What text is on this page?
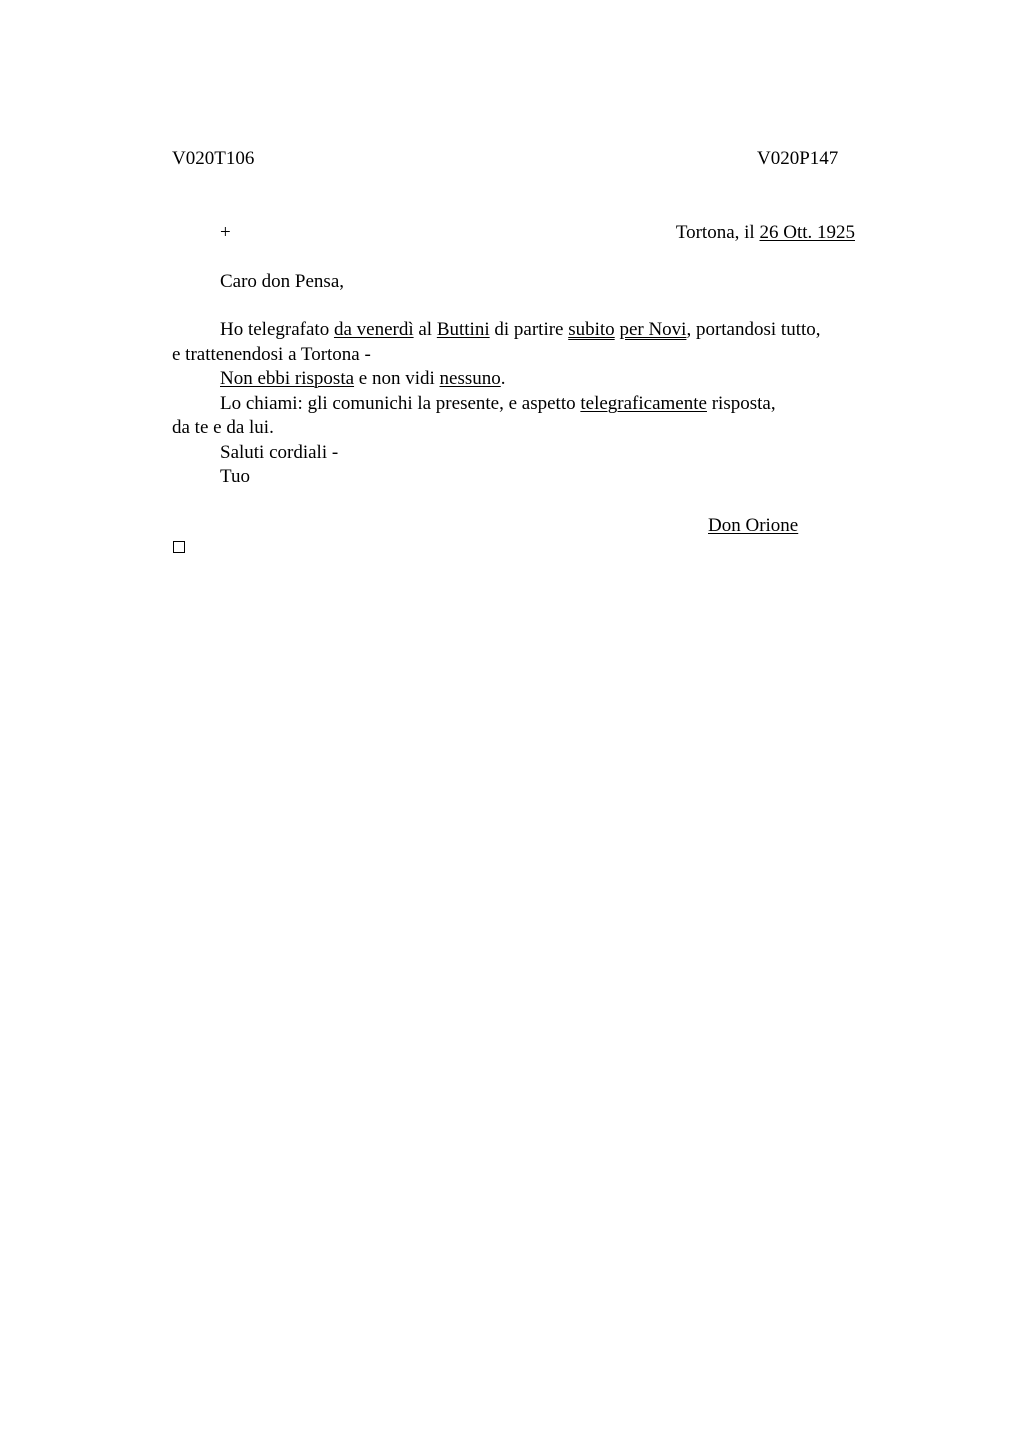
V020T106	V020P147
+	Tortona, il 26 Ott. 1925
Caro don Pensa,
Ho telegrafato da venerdì al Buttini di partire subito per Novi, portandosi tutto,
e trattenendosi a Tortona -
Non ebbi risposta e non vidi nessuno.
Lo chiami: gli comunichi la presente, e aspetto telegraficamente risposta,
da te e da lui.
Saluti cordiali -
Tuo
Don Orione
